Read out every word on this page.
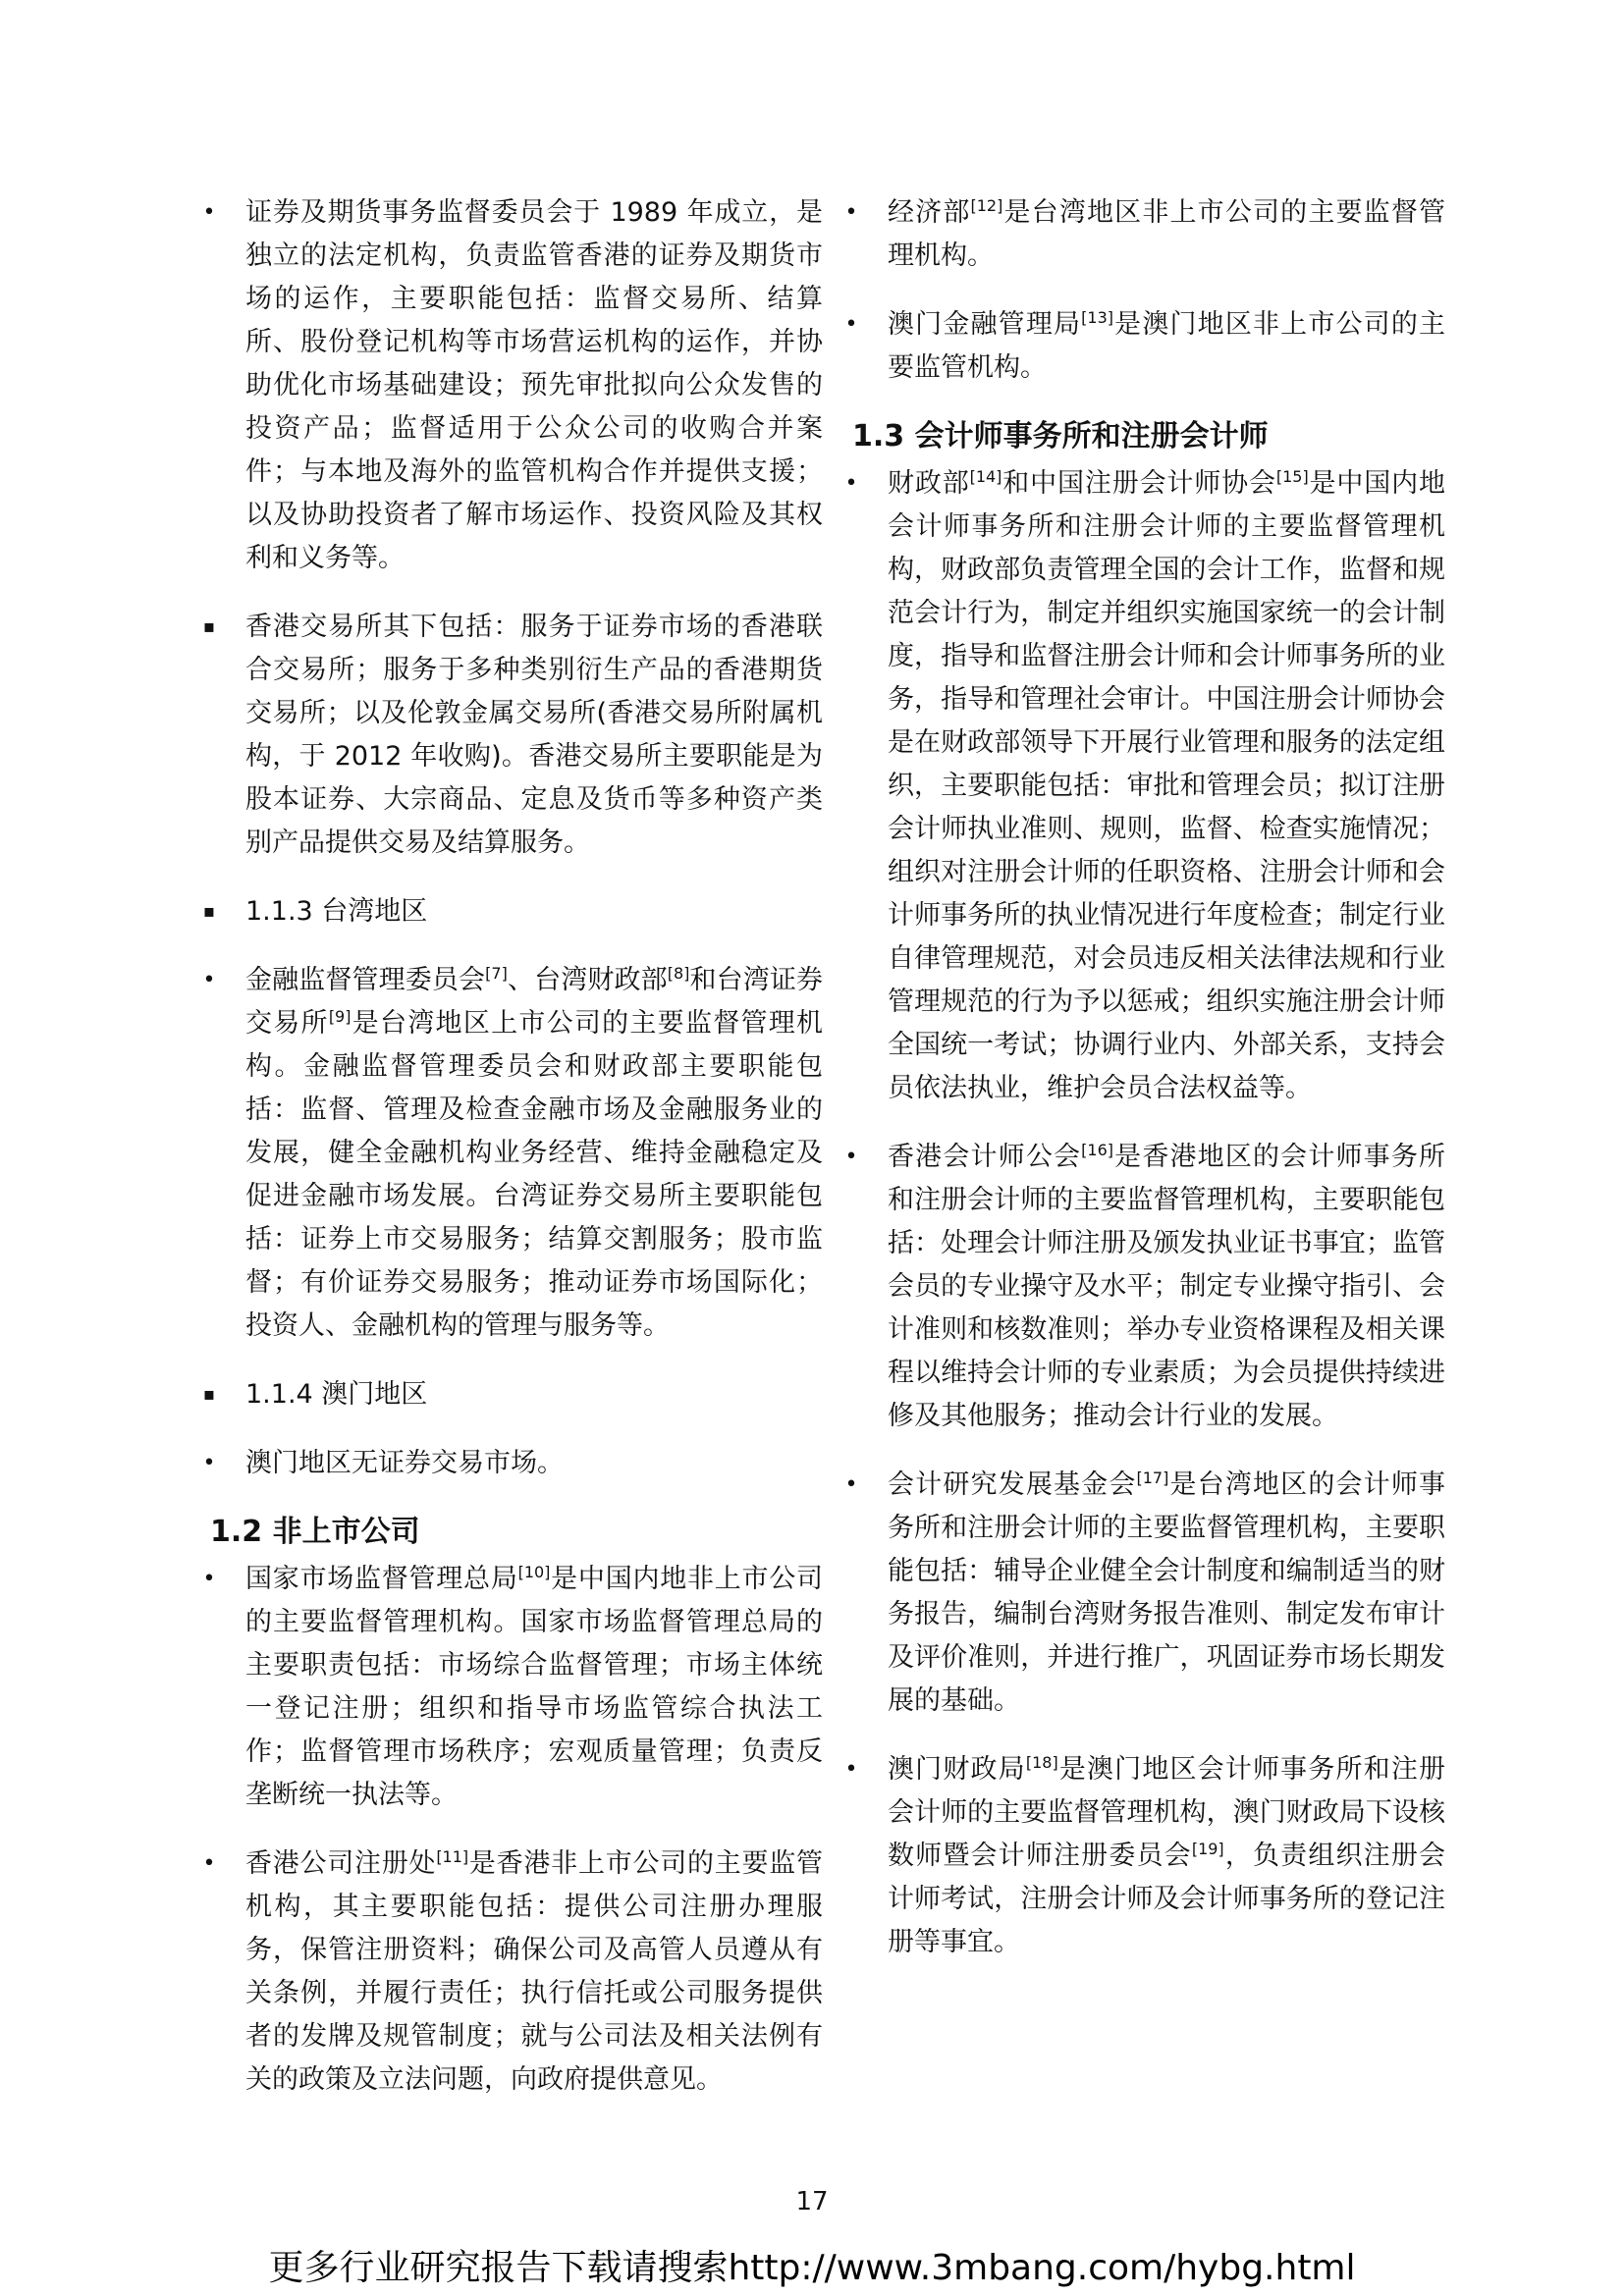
•	证券及期货事务监督委员会于 1989 年成立，是独立的法定机构，负责监管香港的证券及期货市场的运作，主要职能包括：监督交易所、结算所、股份登记机构等市场营运机构的运作，并协助优化市场基础建设；预先审批拟向公众发售的投资产品；监督适用于公众公司的收购合并案件；与本地及海外的监管机构合作并提供支援；以及协助投资者了解市场运作、投资风险及其权利和义务等。
▪	香港交易所其下包括：服务于证券市场的香港联合交易所；服务于多种类别衍生产品的香港期货交易所；以及伦敦金属交易所(香港交易所附属机构，于 2012 年收购)。香港交易所主要职能是为股本证券、大宗商品、定息及货币等多种资产类别产品提供交易及结算服务。
▪	1.1.3 台湾地区
•	金融监督管理委员会[7]、台湾财政部[8]和台湾证券交易所[9]是台湾地区上市公司的主要监督管理机构。金融监督管理委员会和财政部主要职能包括：监督、管理及检查金融市场及金融服务业的发展，健全金融机构业务经营、维持金融稳定及促进金融市场发展。台湾证券交易所主要职能包括：证券上市交易服务；结算交割服务；股市监督；有价证券交易服务；推动证券市场国际化；投资人、金融机构的管理与服务等。
▪	1.1.4 澳门地区
•	澳门地区无证券交易市场。
1.2 非上市公司
•	国家市场监督管理总局[10]是中国内地非上市公司的主要监督管理机构。国家市场监督管理总局的主要职责包括：市场综合监督管理；市场主体统一登记注册；组织和指导市场监管综合执法工作；监督管理市场秩序；宏观质量管理；负责反垄断统一执法等。
•	香港公司注册处[11]是香港非上市公司的主要监管机构，其主要职能包括：提供公司注册办理服务，保管注册资料；确保公司及高管人员遵从有关条例，并履行责任；执行信托或公司服务提供者的发牌及规管制度；就与公司法及相关法例有关的政策及立法问题，向政府提供意见。
•	经济部[12]是台湾地区非上市公司的主要监督管理机构。
•	澳门金融管理局[13]是澳门地区非上市公司的主要监管机构。
1.3 会计师事务所和注册会计师
•	财政部[14]和中国注册会计师协会[15]是中国内地会计师事务所和注册会计师的主要监督管理机构，财政部负责管理全国的会计工作，监督和规范会计行为，制定并组织实施国家统一的会计制度，指导和监督注册会计师和会计师事务所的业务，指导和管理社会审计。中国注册会计师协会是在财政部领导下开展行业管理和服务的法定组织，主要职能包括：审批和管理会员；拟订注册会计师执业准则、规则，监督、检查实施情况；组织对注册会计师的任职资格、注册会计师和会计师事务所的执业情况进行年度检查；制定行业自律管理规范，对会员违反相关法律法规和行业管理规范的行为予以惩戒；组织实施注册会计师全国统一考试；协调行业内、外部关系，支持会员依法执业，维护会员合法权益等。
•	香港会计师公会[16]是香港地区的会计师事务所和注册会计师的主要监督管理机构，主要职能包括：处理会计师注册及颁发执业证书事宜；监管会员的专业操守及水平；制定专业操守指引、会计准则和核数准则；举办专业资格课程及相关课程以维持会计师的专业素质；为会员提供持续进修及其他服务；推动会计行业的发展。
•	会计研究发展基金会[17]是台湾地区的会计师事务所和注册会计师的主要监督管理机构，主要职能包括：辅导企业健全会计制度和编制适当的财务报告，编制台湾财务报告准则、制定发布审计及评价准则，并进行推广，巩固证券市场长期发展的基础。
•	澳门财政局[18]是澳门地区会计师事务所和注册会计师的主要监督管理机构，澳门财政局下设核数师暨会计师注册委员会[19]，负责组织注册会计师考试，注册会计师及会计师事务所的登记注册等事宜。
17
更多行业研究报告下载请搜索http://www.3mbang.com/hybg.html
